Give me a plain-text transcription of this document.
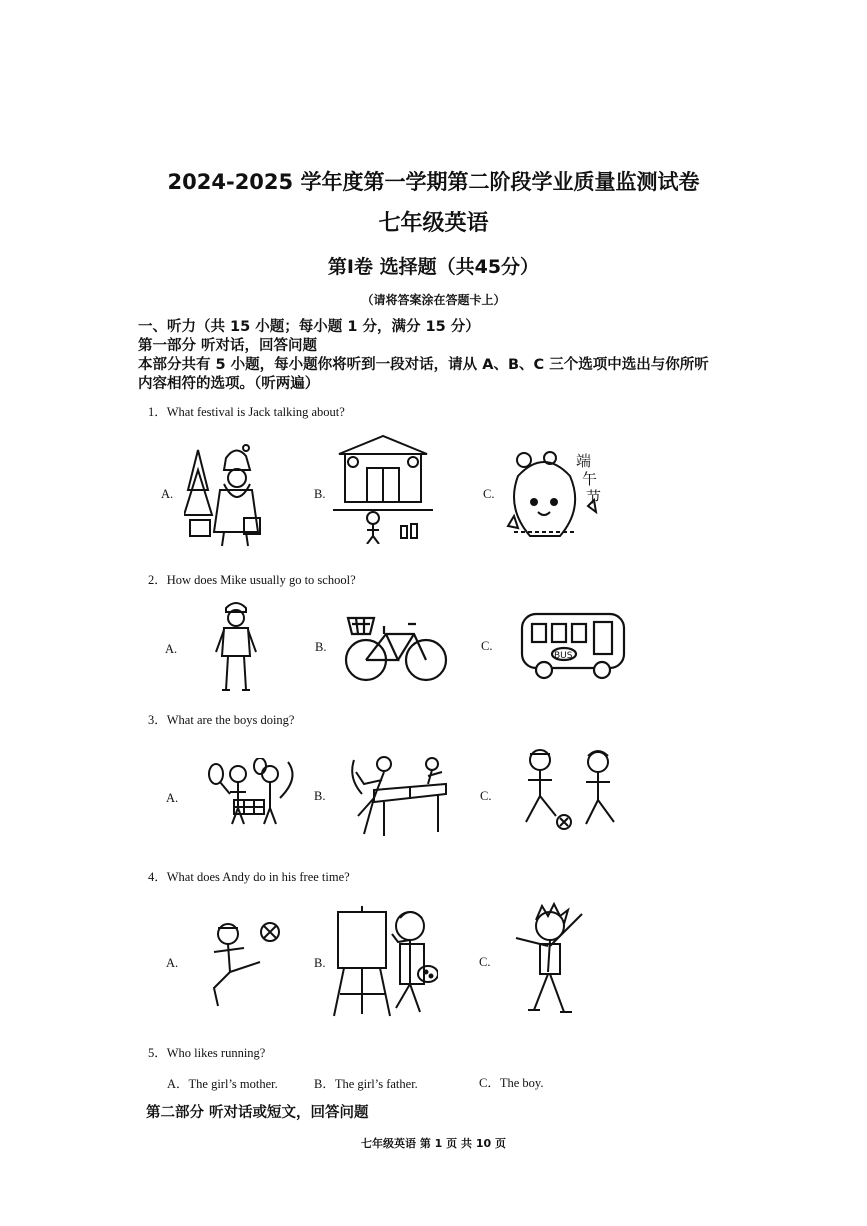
2024-2025 学年度第一学期第二阶段学业质量监测试卷
七年级英语
第Ⅰ卷 选择题（共45分）
（请将答案涂在答题卡上）
一、听力（共 15 小题；每小题 1 分，满分 15 分）
第一部分 听对话，回答问题
本部分共有 5 小题，每小题你将听到一段对话，请从 A、B、C 三个选项中选出与你所听
内容相符的选项。（听两遍）
1．What festival is Jack talking about?
A.	B.	C.
端
午
节
2．How does Mike usually go to school?
A.	B.	C.
BUS
3．What are the boys doing?
A.	B.	C.
4．What does Andy do in his free time?
A.	B.	C.
5．Who likes running?
A．The girl’s mother.	B．The girl’s father.	C．The boy.
第二部分 听对话或短文，回答问题
七年级英语 第 1 页 共 10 页
